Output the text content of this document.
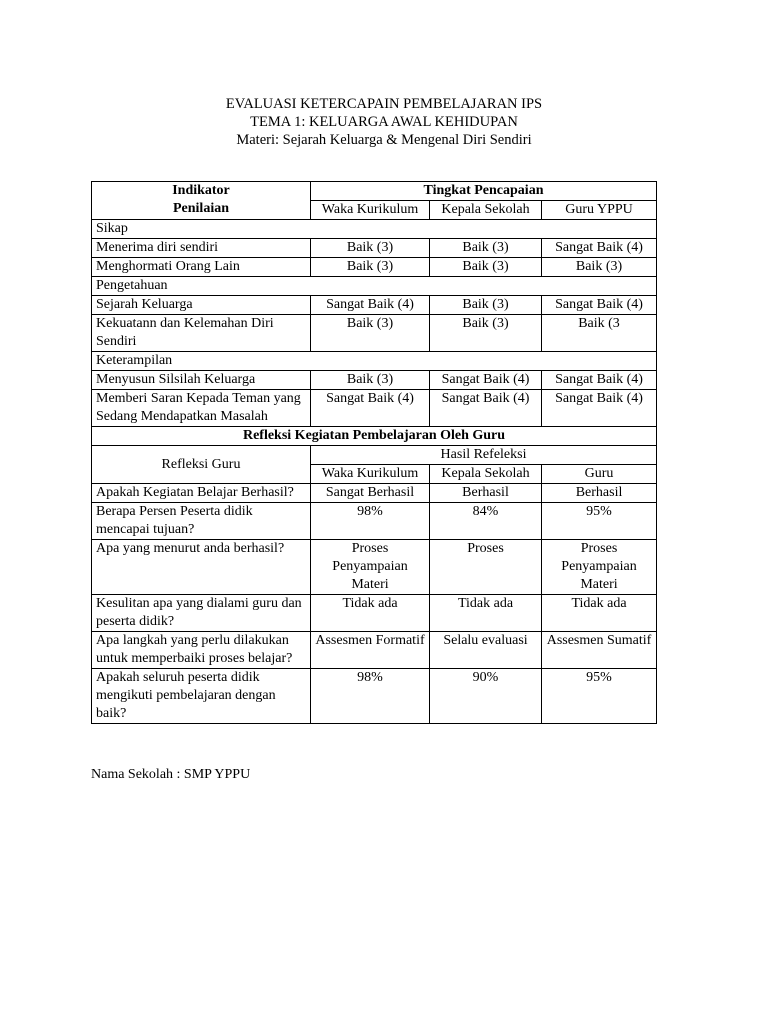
EVALUASI KETERCAPAIN PEMBELAJARAN IPS
TEMA 1: KELUARGA AWAL KEHIDUPAN
Materi: Sejarah Keluarga & Mengenal Diri Sendiri
Indikator
Penilaian	Tingkat Pencapaian		
	Waka Kurikulum	Kepala Sekolah	Guru YPPU
Sikap			
Menerima diri sendiri	Baik (3)	Baik (3)	Sangat Baik (4)
Menghormati Orang Lain	Baik (3)	Baik (3)	Baik (3)
Pengetahuan			
Sejarah Keluarga	Sangat Baik (4)	Baik (3)	Sangat Baik (4)
Kekuatann dan Kelemahan Diri Sendiri	Baik (3)	Baik (3)	Baik (3
Keterampilan			
Menyusun Silsilah Keluarga	Baik (3)	Sangat Baik (4)	Sangat Baik (4)
Memberi Saran Kepada Teman yang Sedang Mendapatkan Masalah	Sangat Baik (4)	Sangat Baik (4)	Sangat Baik (4)
Refleksi Kegiatan Pembelajaran Oleh Guru			
Refleksi Guru	Hasil Refeleksi		
	Waka Kurikulum	Kepala Sekolah	Guru
Apakah Kegiatan Belajar Berhasil?	Sangat Berhasil	Berhasil	Berhasil
Berapa Persen Peserta didik mencapai tujuan?	98%	84%	95%
Apa yang menurut anda berhasil?	Proses Penyampaian Materi	Proses	Proses Penyampaian Materi
Kesulitan apa yang dialami guru dan peserta didik?	Tidak ada	Tidak ada	Tidak ada
Apa langkah yang perlu dilakukan untuk memperbaiki proses belajar?	Assesmen Formatif	Selalu evaluasi	Assesmen Sumatif
Apakah seluruh peserta didik mengikuti pembelajaran dengan baik?	98%	90%	95%
Nama Sekolah : SMP YPPU
